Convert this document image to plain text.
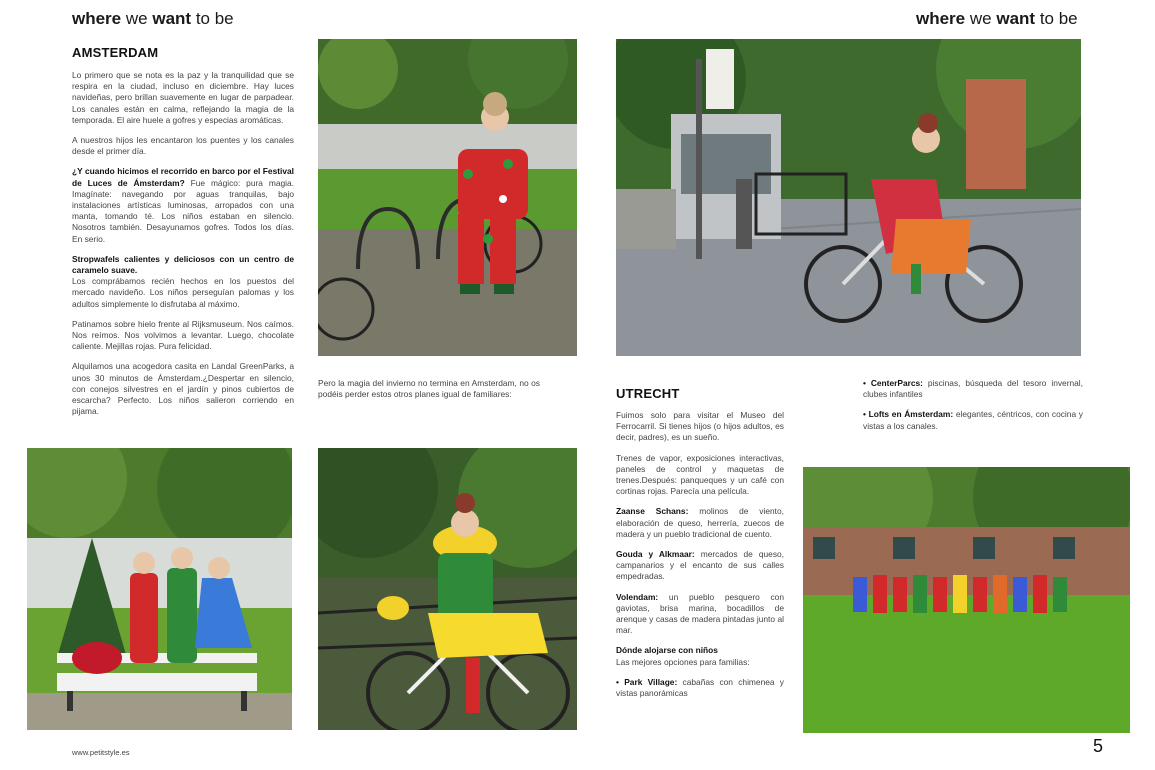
where we want to be	where we want to be
AMSTERDAM

Lo primero que se nota es la paz y la tranquilidad que se respira en la ciudad, incluso en diciembre. Hay luces navideñas, pero brillan suavemente en lugar de parpadear. Los canales están en calma, reflejando la magia de la temporada. El aire huele a gofres y especias aromáticas.

A nuestros hijos les encantaron los puentes y los canales desde el primer día.

¿Y cuando hicimos el recorrido en barco por el Festival de Luces de Ámsterdam? Fue mágico: pura magia. Imagínate: navegando por aguas tranquilas, bajo instalaciones artísticas luminosas, arropados con una manta, tomando té. Los niños estaban en silencio. Nosotros también. Desayunamos gofres. Todos los días. En serio.

Stropwafels calientes y deliciosos con un centro de caramelo suave.
Los comprábamos recién hechos en los puestos del mercado navideño. Los niños perseguían palomas y los adultos simplemente lo disfrutaba al máximo.

Patinamos sobre hielo frente al Rijksmuseum. Nos caímos. Nos reímos. Nos volvimos a levantar. Luego, chocolate caliente. Mejillas rojas. Pura felicidad.

Alquilamos una acogedora casita en Landal GreenParks, a unos 30 minutos de Ámsterdam.¿Despertar en silencio, con conejos silvestres en el jardín y pinos cubiertos de escarcha? Perfecto. Los niños salieron corriendo en pijama.

Pero la magia del invierno no termina en Amsterdam, no os podéis perder estos otros planes igual de familiares:	UTRECHT

Fuimos solo para visitar el Museo del Ferrocarril. Si tienes hijos (o hijos adultos, es decir, padres), es un sueño.

Trenes de vapor, exposiciones interactivas, paneles de control y maquetas de trenes.Después: panqueques y un café con cortinas rojas. Parecía una película.

Zaanse Schans: molinos de viento, elaboración de queso, herrería, zuecos de madera y un pueblo tradicional de cuento.

Gouda y Alkmaar: mercados de queso, campanarios y el encanto de sus calles empedradas.

Volendam: un pueblo pesquero con gaviotas, brisa marina, bocadillos de arenque y casas de madera pintadas junto al mar.

Dónde alojarse con niños
Las mejores opciones para familias:

• Park Village: cabañas con chimenea y vistas panorámicas

• CenterParcs: piscinas, búsqueda del tesoro invernal, clubes infantiles

• Lofts en Ámsterdam: elegantes, céntricos, con cocina y vistas a los canales.

www.petitstyle.es	5
